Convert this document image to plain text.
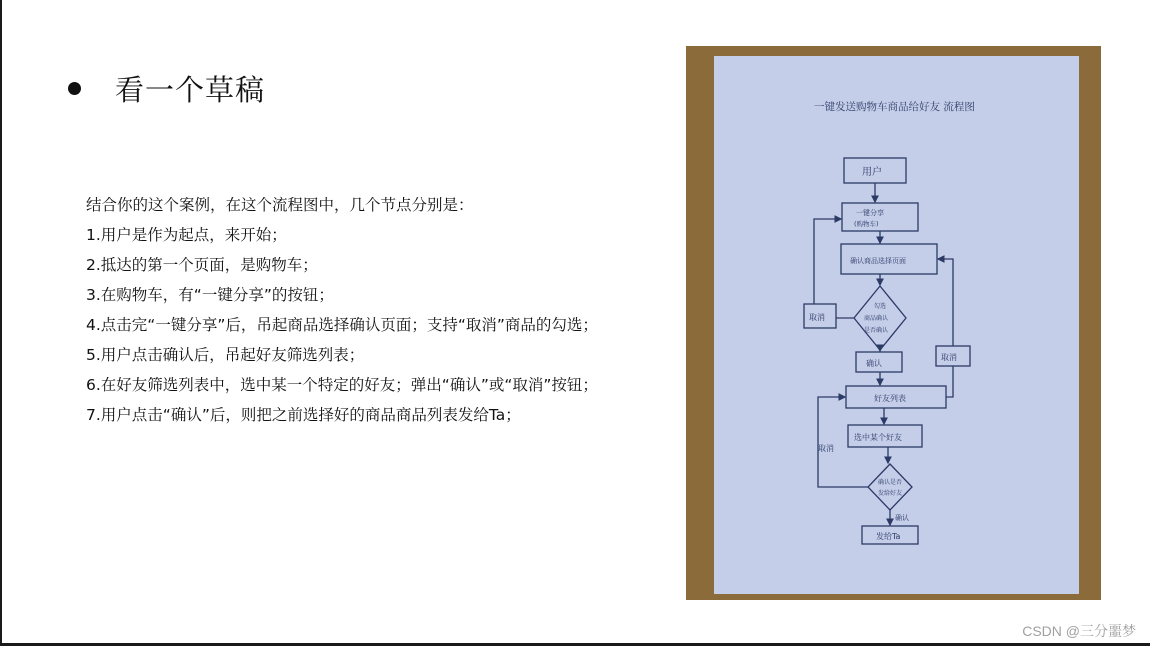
看一个草稿
结合你的这个案例，在这个流程图中，几个节点分别是：
1.用户是作为起点，来开始；
2.抵达的第一个页面，是购物车；
3.在购物车，有“一键分享”的按钮；
4.点击完“一键分享”后，吊起商品选择确认页面；支持“取消”商品的勾选；
5.用户点击确认后，吊起好友筛选列表；
6.在好友筛选列表中，选中某一个特定的好友；弹出“确认”或“取消”按钮；
7.用户点击“确认”后，则把之前选择好的商品商品列表发给Ta；
一键发送购物车商品给好友 流程图
用户
一键分享
(购物车)
确认商品选择页面
勾选
商品确认
是否确认
取消
取消
确认
好友列表
选中某个好友
取消
确认是否
发给好友
确认
发给Ta
CSDN @三分噩梦
